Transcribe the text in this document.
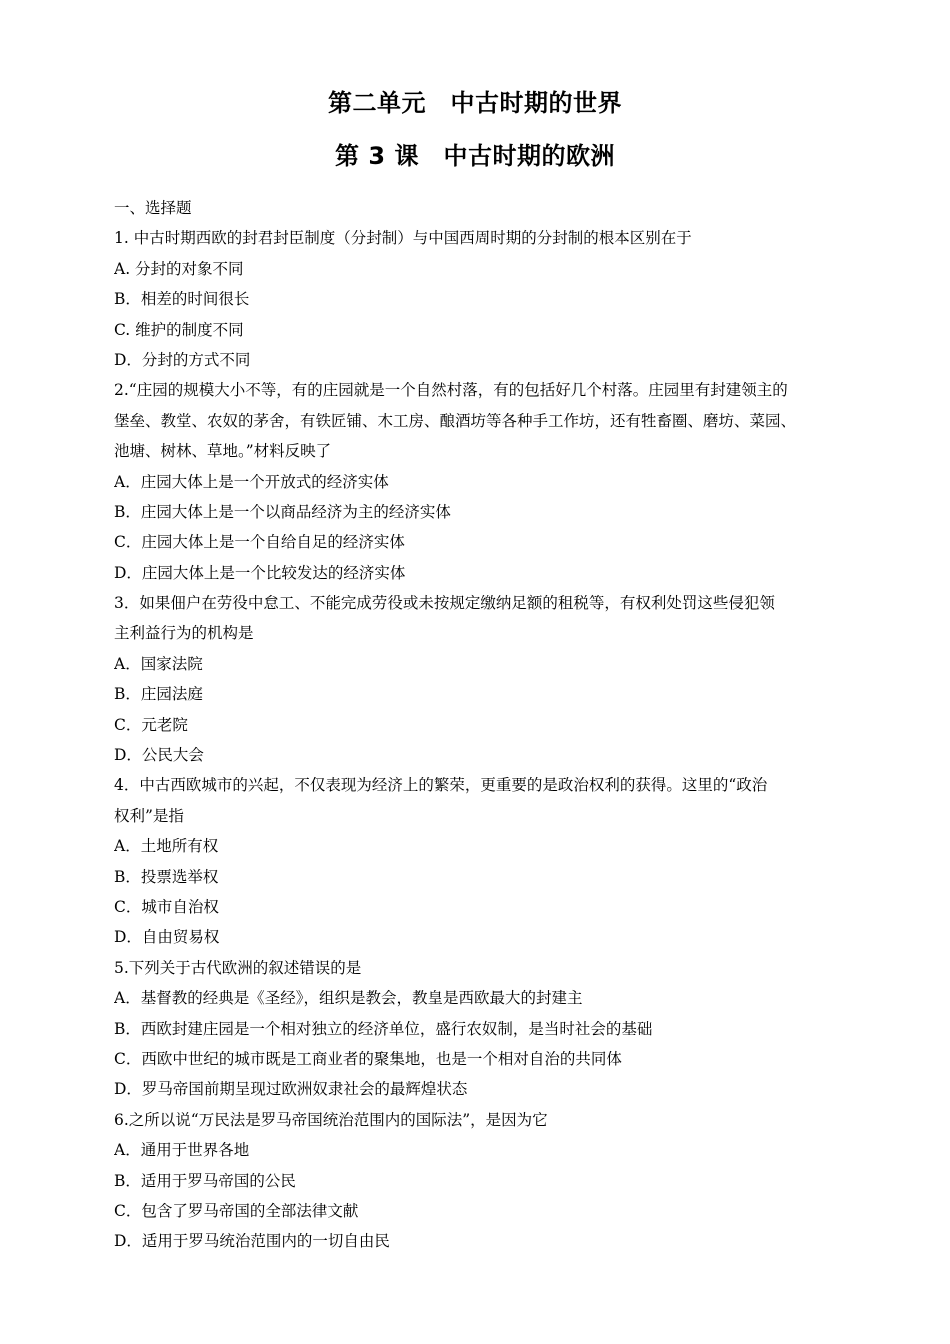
第二单元　中古时期的世界
第 3 课　中古时期的欧洲
一、选择题
1. 中古时期西欧的封君封臣制度（分封制）与中国西周时期的分封制的根本区别在于
A. 分封的对象不同
B．相差的时间很长
C. 维护的制度不同
D．分封的方式不同
2.“庄园的规模大小不等，有的庄园就是一个自然村落，有的包括好几个村落。庄园里有封建领主的
堡垒、教堂、农奴的茅舍，有铁匠铺、木工房、酿酒坊等各种手工作坊，还有牲畜圈、磨坊、菜园、
池塘、树林、草地。”材料反映了
A．庄园大体上是一个开放式的经济实体
B．庄园大体上是一个以商品经济为主的经济实体
C．庄园大体上是一个自给自足的经济实体
D．庄园大体上是一个比较发达的经济实体
3．如果佃户在劳役中怠工、不能完成劳役或未按规定缴纳足额的租税等，有权利处罚这些侵犯领
主利益行为的机构是
A．国家法院
B．庄园法庭
C．元老院
D．公民大会
4．中古西欧城市的兴起，不仅表现为经济上的繁荣，更重要的是政治权利的获得。这里的“政治
权利”是指
A．土地所有权
B．投票选举权
C．城市自治权
D．自由贸易权
5.下列关于古代欧洲的叙述错误的是
A．基督教的经典是《圣经》，组织是教会，教皇是西欧最大的封建主
B．西欧封建庄园是一个相对独立的经济单位，盛行农奴制，是当时社会的基础
C．西欧中世纪的城市既是工商业者的聚集地，也是一个相对自治的共同体
D．罗马帝国前期呈现过欧洲奴隶社会的最辉煌状态
6.之所以说“万民法是罗马帝国统治范围内的国际法”，是因为它
A．通用于世界各地
B．适用于罗马帝国的公民
C．包含了罗马帝国的全部法律文献
D．适用于罗马统治范围内的一切自由民
